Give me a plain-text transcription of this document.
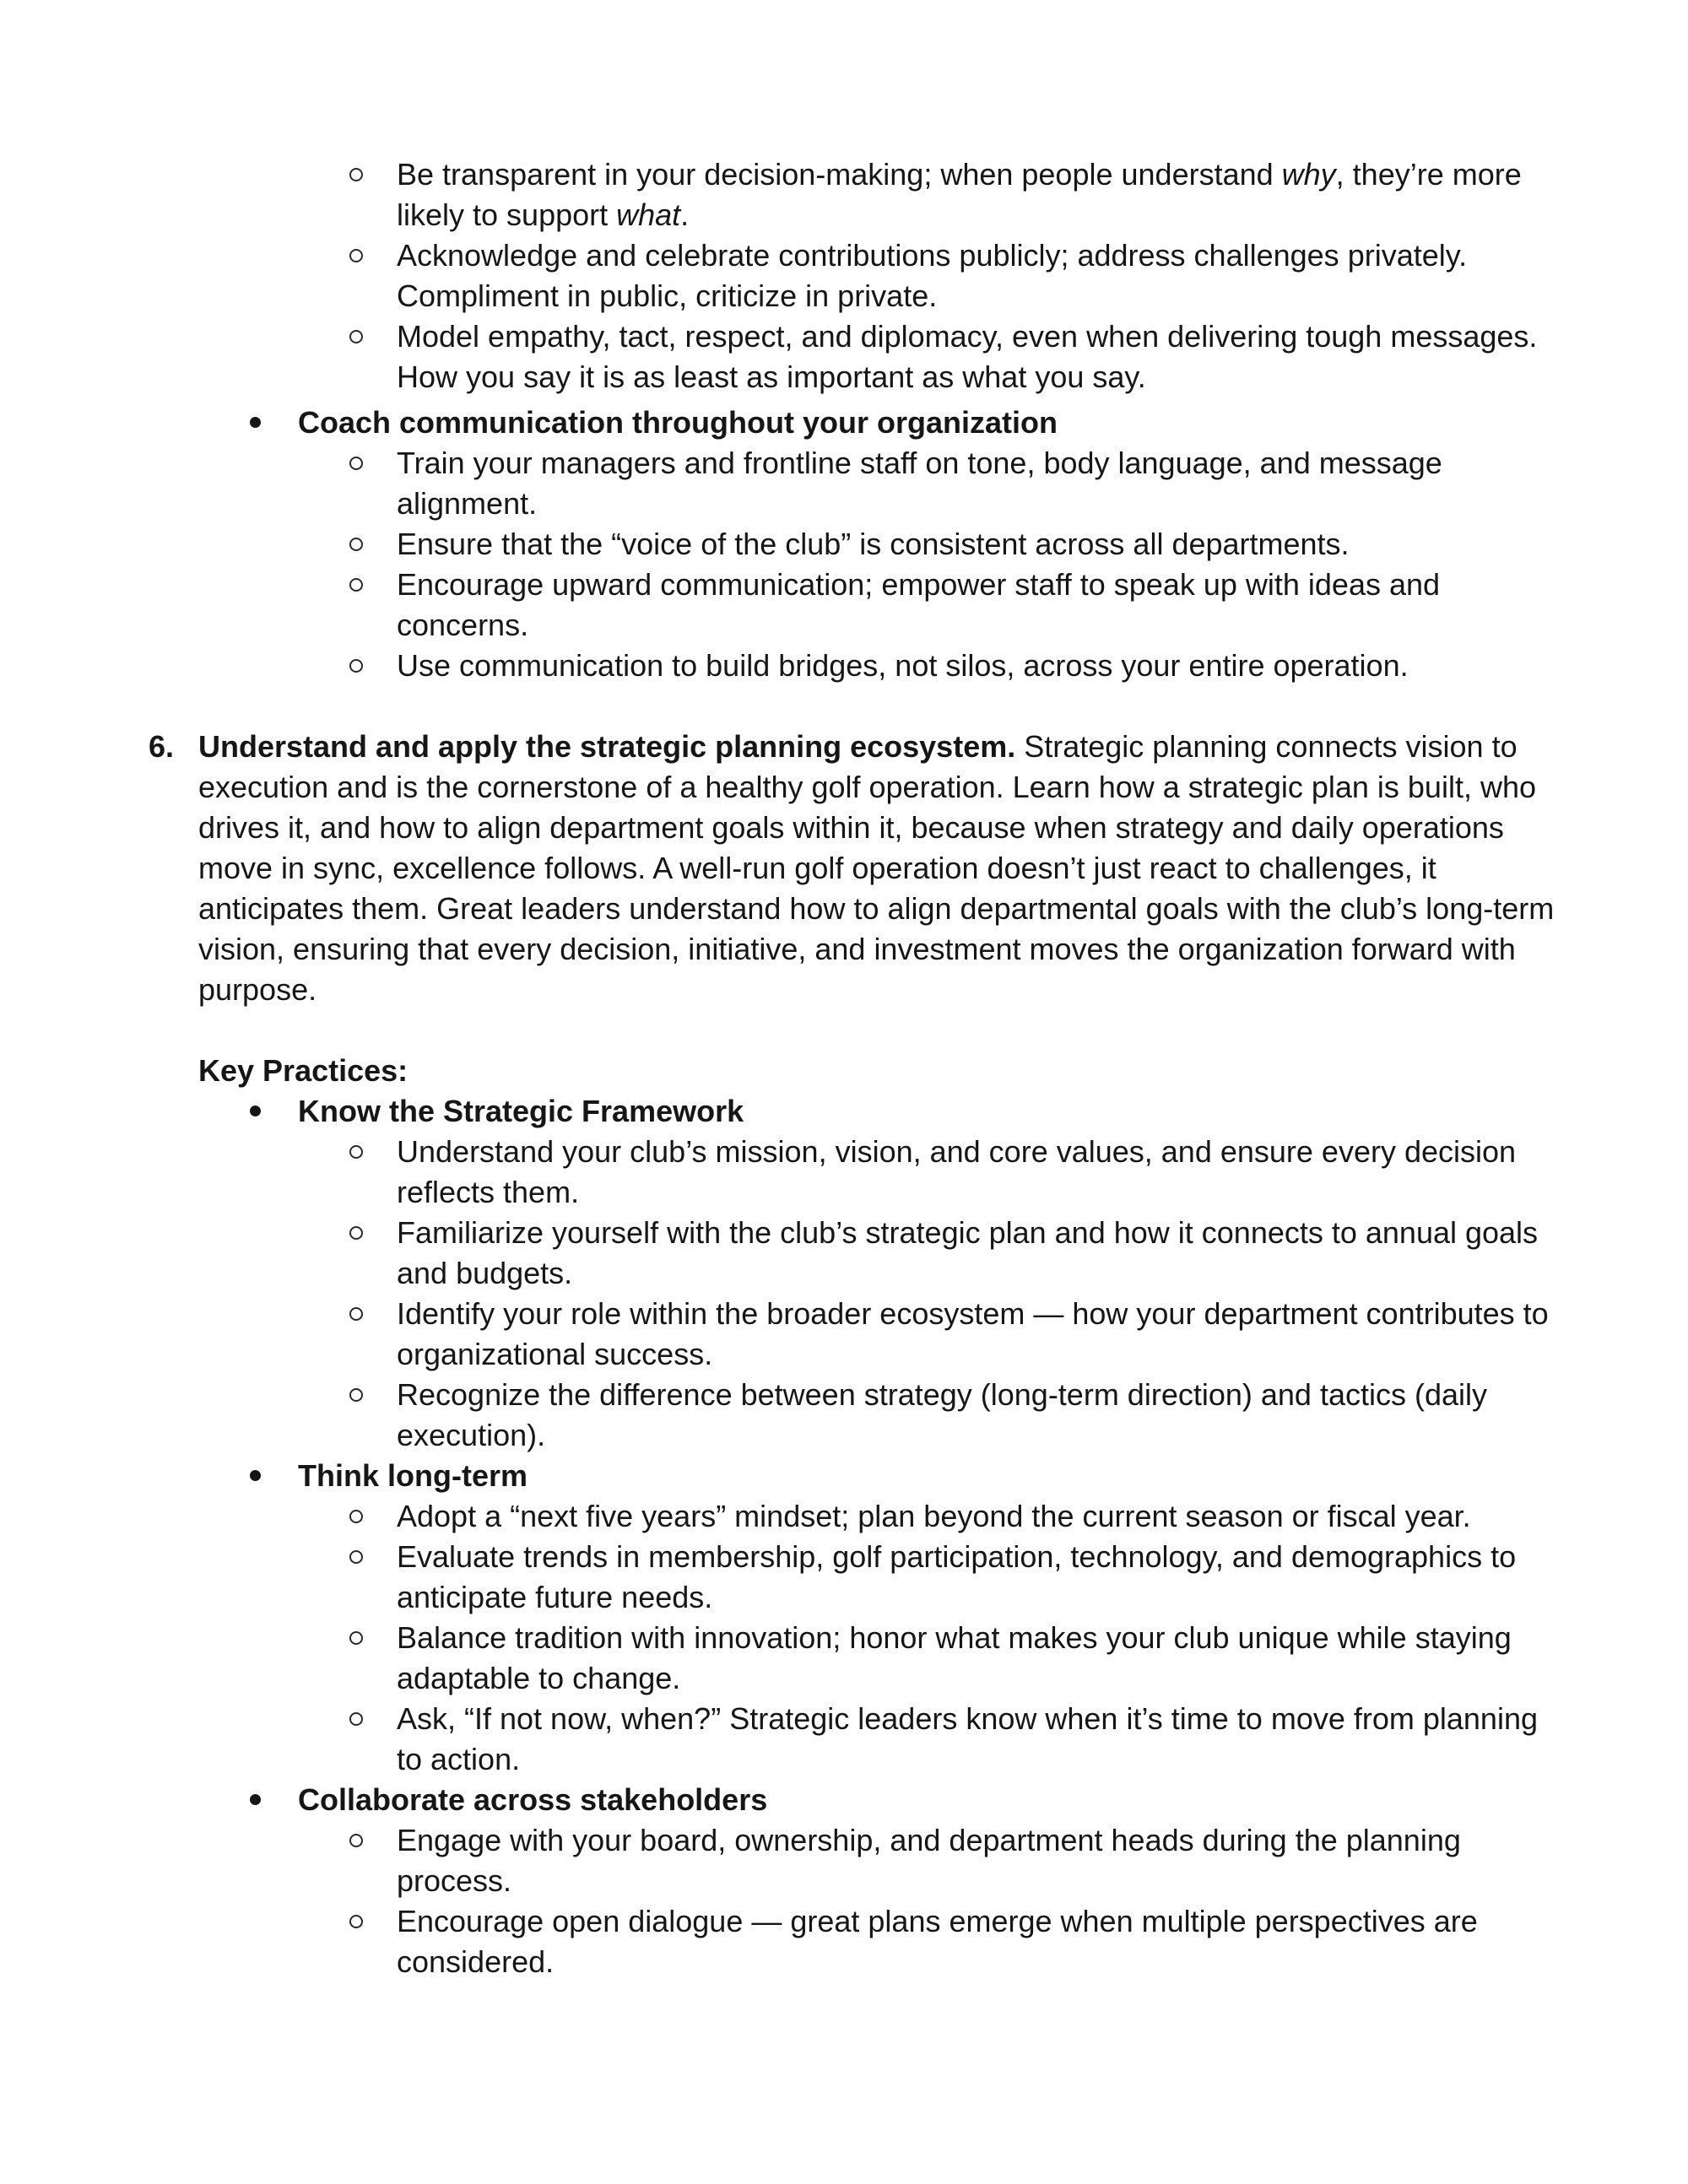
Be transparent in your decision-making; when people understand why, they’re more likely to support what.
Acknowledge and celebrate contributions publicly; address challenges privately. Compliment in public, criticize in private.
Model empathy, tact, respect, and diplomacy, even when delivering tough messages. How you say it is as least as important as what you say.
Coach communication throughout your organization
Train your managers and frontline staff on tone, body language, and message alignment.
Ensure that the “voice of the club” is consistent across all departments.
Encourage upward communication; empower staff to speak up with ideas and concerns.
Use communication to build bridges, not silos, across your entire operation.
6. Understand and apply the strategic planning ecosystem. Strategic planning connects vision to execution and is the cornerstone of a healthy golf operation. Learn how a strategic plan is built, who drives it, and how to align department goals within it, because when strategy and daily operations move in sync, excellence follows. A well-run golf operation doesn’t just react to challenges, it anticipates them. Great leaders understand how to align departmental goals with the club’s long-term vision, ensuring that every decision, initiative, and investment moves the organization forward with purpose.
Key Practices:
Know the Strategic Framework
Understand your club’s mission, vision, and core values, and ensure every decision reflects them.
Familiarize yourself with the club’s strategic plan and how it connects to annual goals and budgets.
Identify your role within the broader ecosystem — how your department contributes to organizational success.
Recognize the difference between strategy (long-term direction) and tactics (daily execution).
Think long-term
Adopt a “next five years” mindset; plan beyond the current season or fiscal year.
Evaluate trends in membership, golf participation, technology, and demographics to anticipate future needs.
Balance tradition with innovation; honor what makes your club unique while staying adaptable to change.
Ask, “If not now, when?” Strategic leaders know when it’s time to move from planning to action.
Collaborate across stakeholders
Engage with your board, ownership, and department heads during the planning process.
Encourage open dialogue — great plans emerge when multiple perspectives are considered.
